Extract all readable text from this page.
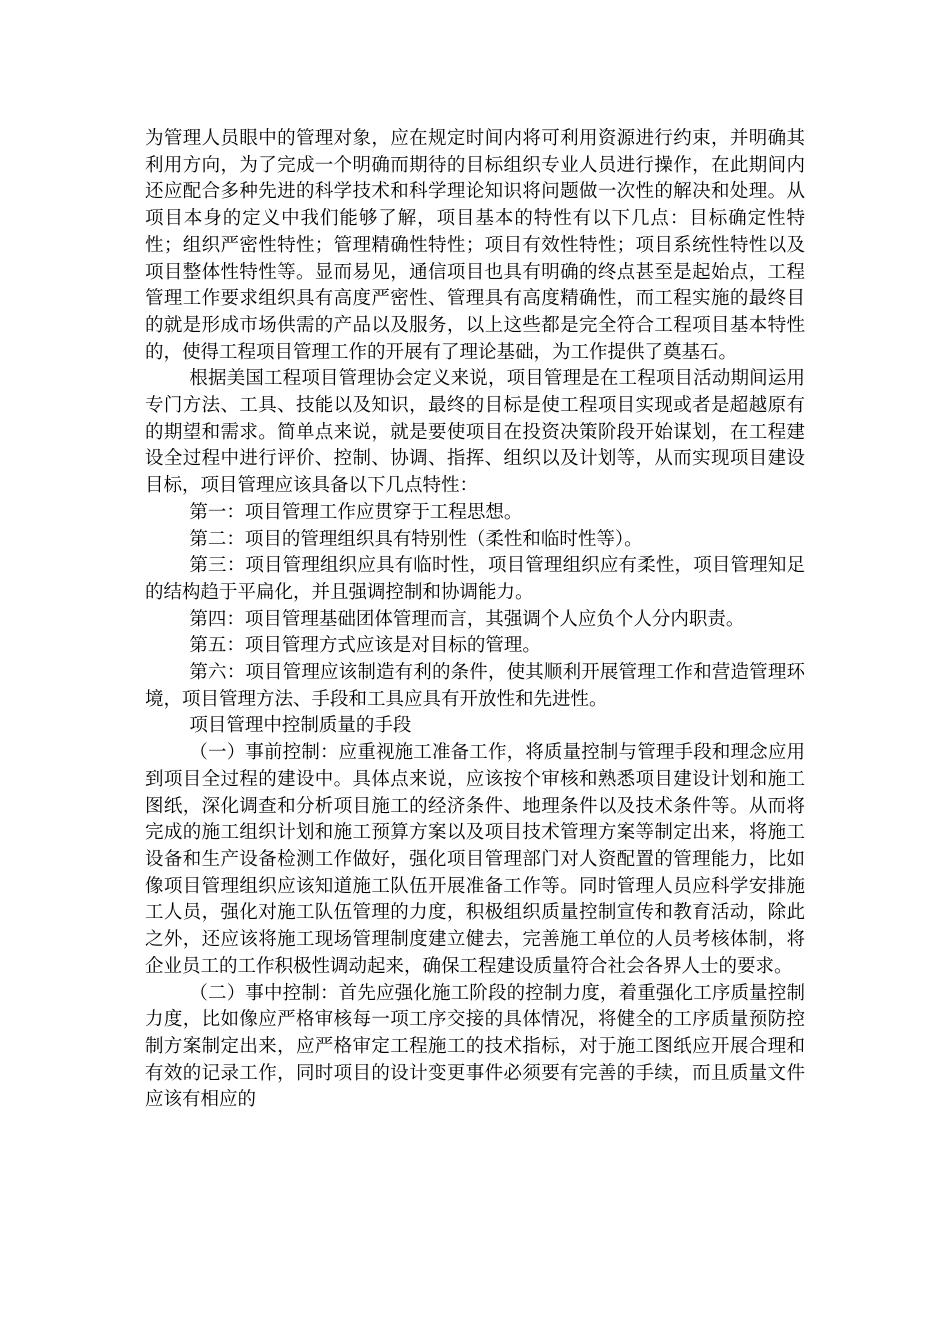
为管理人员眼中的管理对象，应在规定时间内将可利用资源进行约束，并明确其利用方向，为了完成一个明确而期待的目标组织专业人员进行操作，在此期间内还应配合多种先进的科学技术和科学理论知识将问题做一次性的解决和处理。从项目本身的定义中我们能够了解，项目基本的特性有以下几点：目标确定性特性；组织严密性特性；管理精确性特性；项目有效性特性；项目系统性特性以及项目整体性特性等。显而易见，通信项目也具有明确的终点甚至是起始点，工程管理工作要求组织具有高度严密性、管理具有高度精确性，而工程实施的最终目的就是形成市场供需的产品以及服务，以上这些都是完全符合工程项目基本特性的，使得工程项目管理工作的开展有了理论基础，为工作提供了奠基石。

根据美国工程项目管理协会定义来说，项目管理是在工程项目活动期间运用专门方法、工具、技能以及知识，最终的目标是使工程项目实现或者是超越原有的期望和需求。简单点来说，就是要使项目在投资决策阶段开始谋划，在工程建设全过程中进行评价、控制、协调、指挥、组织以及计划等，从而实现项目建设目标，项目管理应该具备以下几点特性：

第一：项目管理工作应贯穿于工程思想。

第二：项目的管理组织具有特别性（柔性和临时性等）。

第三：项目管理组织应具有临时性，项目管理组织应有柔性，项目管理知足的结构趋于平扁化，并且强调控制和协调能力。

第四：项目管理基础团体管理而言，其强调个人应负个人分内职责。

第五：项目管理方式应该是对目标的管理。

第六：项目管理应该制造有利的条件，使其顺利开展管理工作和营造管理环境，项目管理方法、手段和工具应具有开放性和先进性。

项目管理中控制质量的手段

（一）事前控制：应重视施工准备工作，将质量控制与管理手段和理念应用到项目全过程的建设中。具体点来说，应该按个审核和熟悉项目建设计划和施工图纸，深化调查和分析项目施工的经济条件、地理条件以及技术条件等。从而将完成的施工组织计划和施工预算方案以及项目技术管理方案等制定出来，将施工设备和生产设备检测工作做好，强化项目管理部门对人资配置的管理能力，比如像项目管理组织应该知道施工队伍开展准备工作等。同时管理人员应科学安排施工人员，强化对施工队伍管理的力度，积极组织质量控制宣传和教育活动，除此之外，还应该将施工现场管理制度建立健去，完善施工单位的人员考核体制，将企业员工的工作积极性调动起来，确保工程建设质量符合社会各界人士的要求。

（二）事中控制：首先应强化施工阶段的控制力度，着重强化工序质量控制力度，比如像应严格审核每一项工序交接的具体情况，将健全的工序质量预防控制方案制定出来，应严格审定工程施工的技术指标，对于施工图纸应开展合理和有效的记录工作，同时项目的设计变更事件必须要有完善的手续，而且质量文件应该有相应的
